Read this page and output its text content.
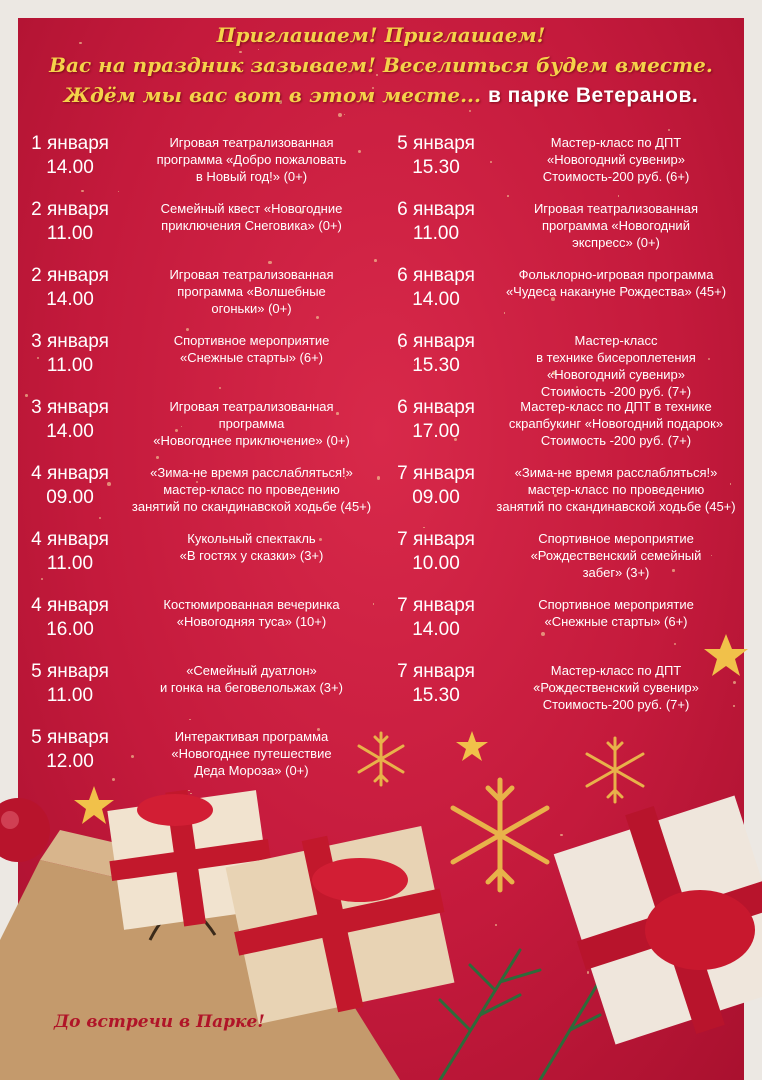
Приглашаем! Приглашаем!
Вас на праздник зазываем! Веселиться будем вместе.
Ждём мы вас вот в этом месте... в парке Ветеранов.
1 января
14.00
Игровая театрализованная
программа «Добро пожаловать
в Новый год!» (0+)
2 января
11.00
Семейный квест «Новогодние
приключения Снеговика» (0+)
2 января
14.00
Игровая театрализованная
программа «Волшебные
огоньки» (0+)
3 января
11.00
Спортивное мероприятие
«Снежные старты» (6+)
3 января
14.00
Игровая театрализованная
программа
«Новогоднее приключение» (0+)
4 января
09.00
«Зима-не время расслабляться!»
мастер-класс по проведению
занятий по скандинавской ходьбе (45+)
4 января
11.00
Кукольный спектакль
«В гостях у сказки» (3+)
4 января
16.00
Костюмированная вечеринка
«Новогодняя туса» (10+)
5 января
11.00
«Семейный дуатлон»
и гонка на беговелольжах (3+)
5 января
12.00
Интерактивая программа
«Новогоднее путешествие
Деда Мороза» (0+)
5 января
15.30
Мастер-класс по ДПТ
«Новогодний сувенир»
Стоимость-200 руб. (6+)
6 января
11.00
Игровая театрализованная
программа «Новогодний
экспресс» (0+)
6 января
14.00
Фольклорно-игровая программа
«Чудеса накануне Рождества» (45+)
6 января
15.30
Мастер-класс
в технике бисероплетения
«Новогодний сувенир»
Стоимость -200 руб. (7+)
6 января
17.00
Мастер-класс по ДПТ в технике
скрапбукинг «Новогодний подарок»
Стоимость -200 руб. (7+)
7 января
09.00
«Зима-не время расслабляться!»
мастер-класс по проведению
занятий по скандинавской ходьбе (45+)
7 января
10.00
Спортивное мероприятие
«Рождественский семейный
забег» (3+)
7 января
14.00
Спортивное мероприятие
«Снежные старты» (6+)
7 января
15.30
Мастер-класс по ДПТ
«Рождественский сувенир»
Стоимость-200 руб. (7+)
До встречи в Парке!
